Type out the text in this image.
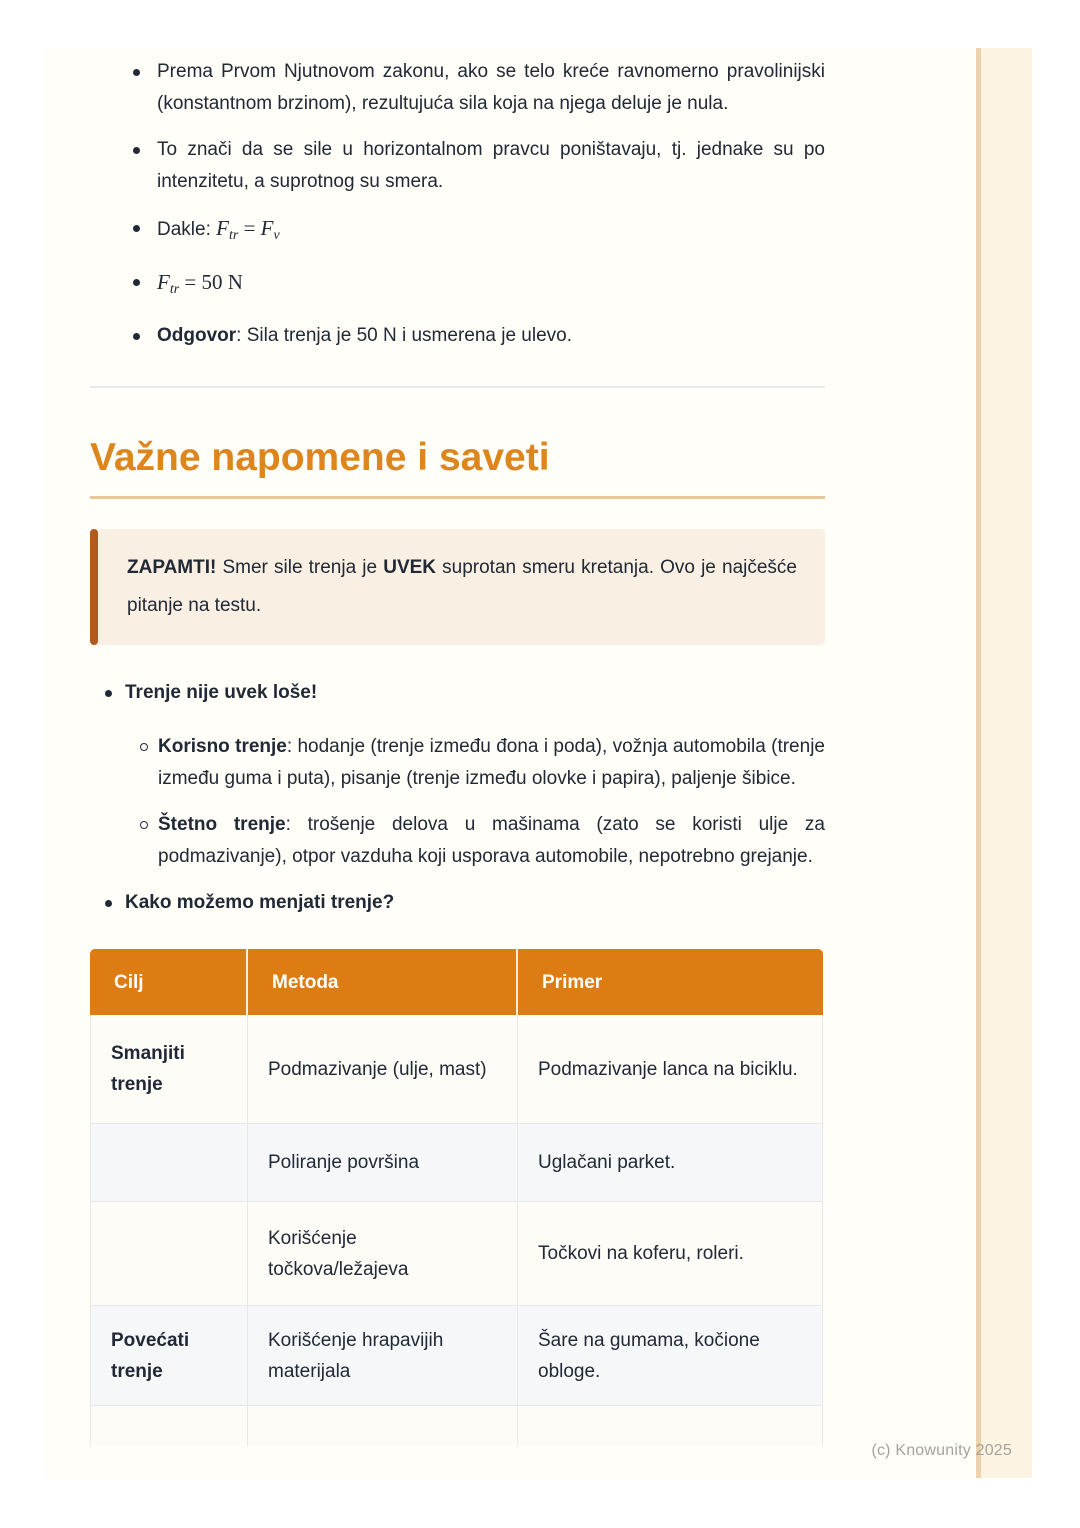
Prema Prvom Njutnovom zakonu, ako se telo kreće ravnomerno pravolinijski (konstantnom brzinom), rezultujuća sila koja na njega deluje je nula.
To znači da se sile u horizontalnom pravcu poništavaju, tj. jednake su po intenzitetu, a suprotnog su smera.
Dakle: $F_{tr} = F_v$
$F_{tr} = 50$ N
Odgovor: Sila trenja je 50 N i usmerena je ulevo.
Važne napomene i saveti
ZAPAMTI! Smer sile trenja je UVEK suprotan smeru kretanja. Ovo je najčešće pitanje na testu.
Trenje nije uvek loše!
Korisno trenje: hodanje (trenje između đona i poda), vožnja automobila (trenje između guma i puta), pisanje (trenje između olovke i papira), paljenje šibice.
Štetno trenje: trošenje delova u mašinama (zato se koristi ulje za podmazivanje), otpor vazduha koji usporava automobile, nepotrebno grejanje.
Kako možemo menjati trenje?
Cilj	Metoda	Primer
Smanjiti trenje	Podmazivanje (ulje, mast)	Podmazivanje lanca na biciklu.
	Poliranje površina	Uglačani parket.
	Korišćenje točkova/ležajeva	Točkovi na koferu, roleri.
Povećati trenje	Korišćenje hrapavijih materijala	Šare na gumama, kočione obloge.

(c) Knowunity 2025
